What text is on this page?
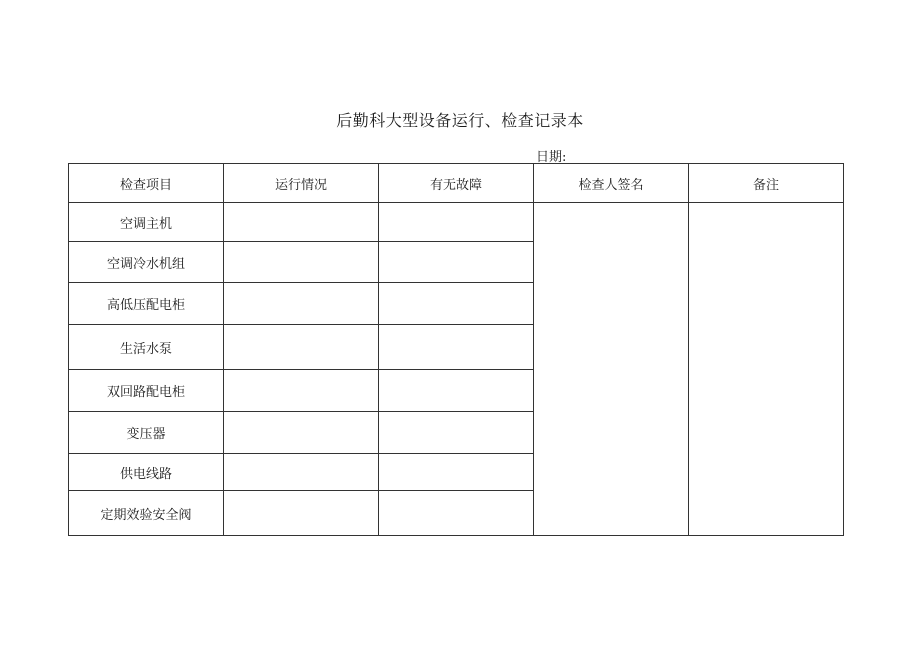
后勤科大型设备运行、检查记录本
日期:
检查项目	运行情况	有无故障	检查人签名	备注
空调主机				
空调冷水机组				
高低压配电柜				
生活水泵				
双回路配电柜				
变压器				
供电线路				
定期效验安全阀				
